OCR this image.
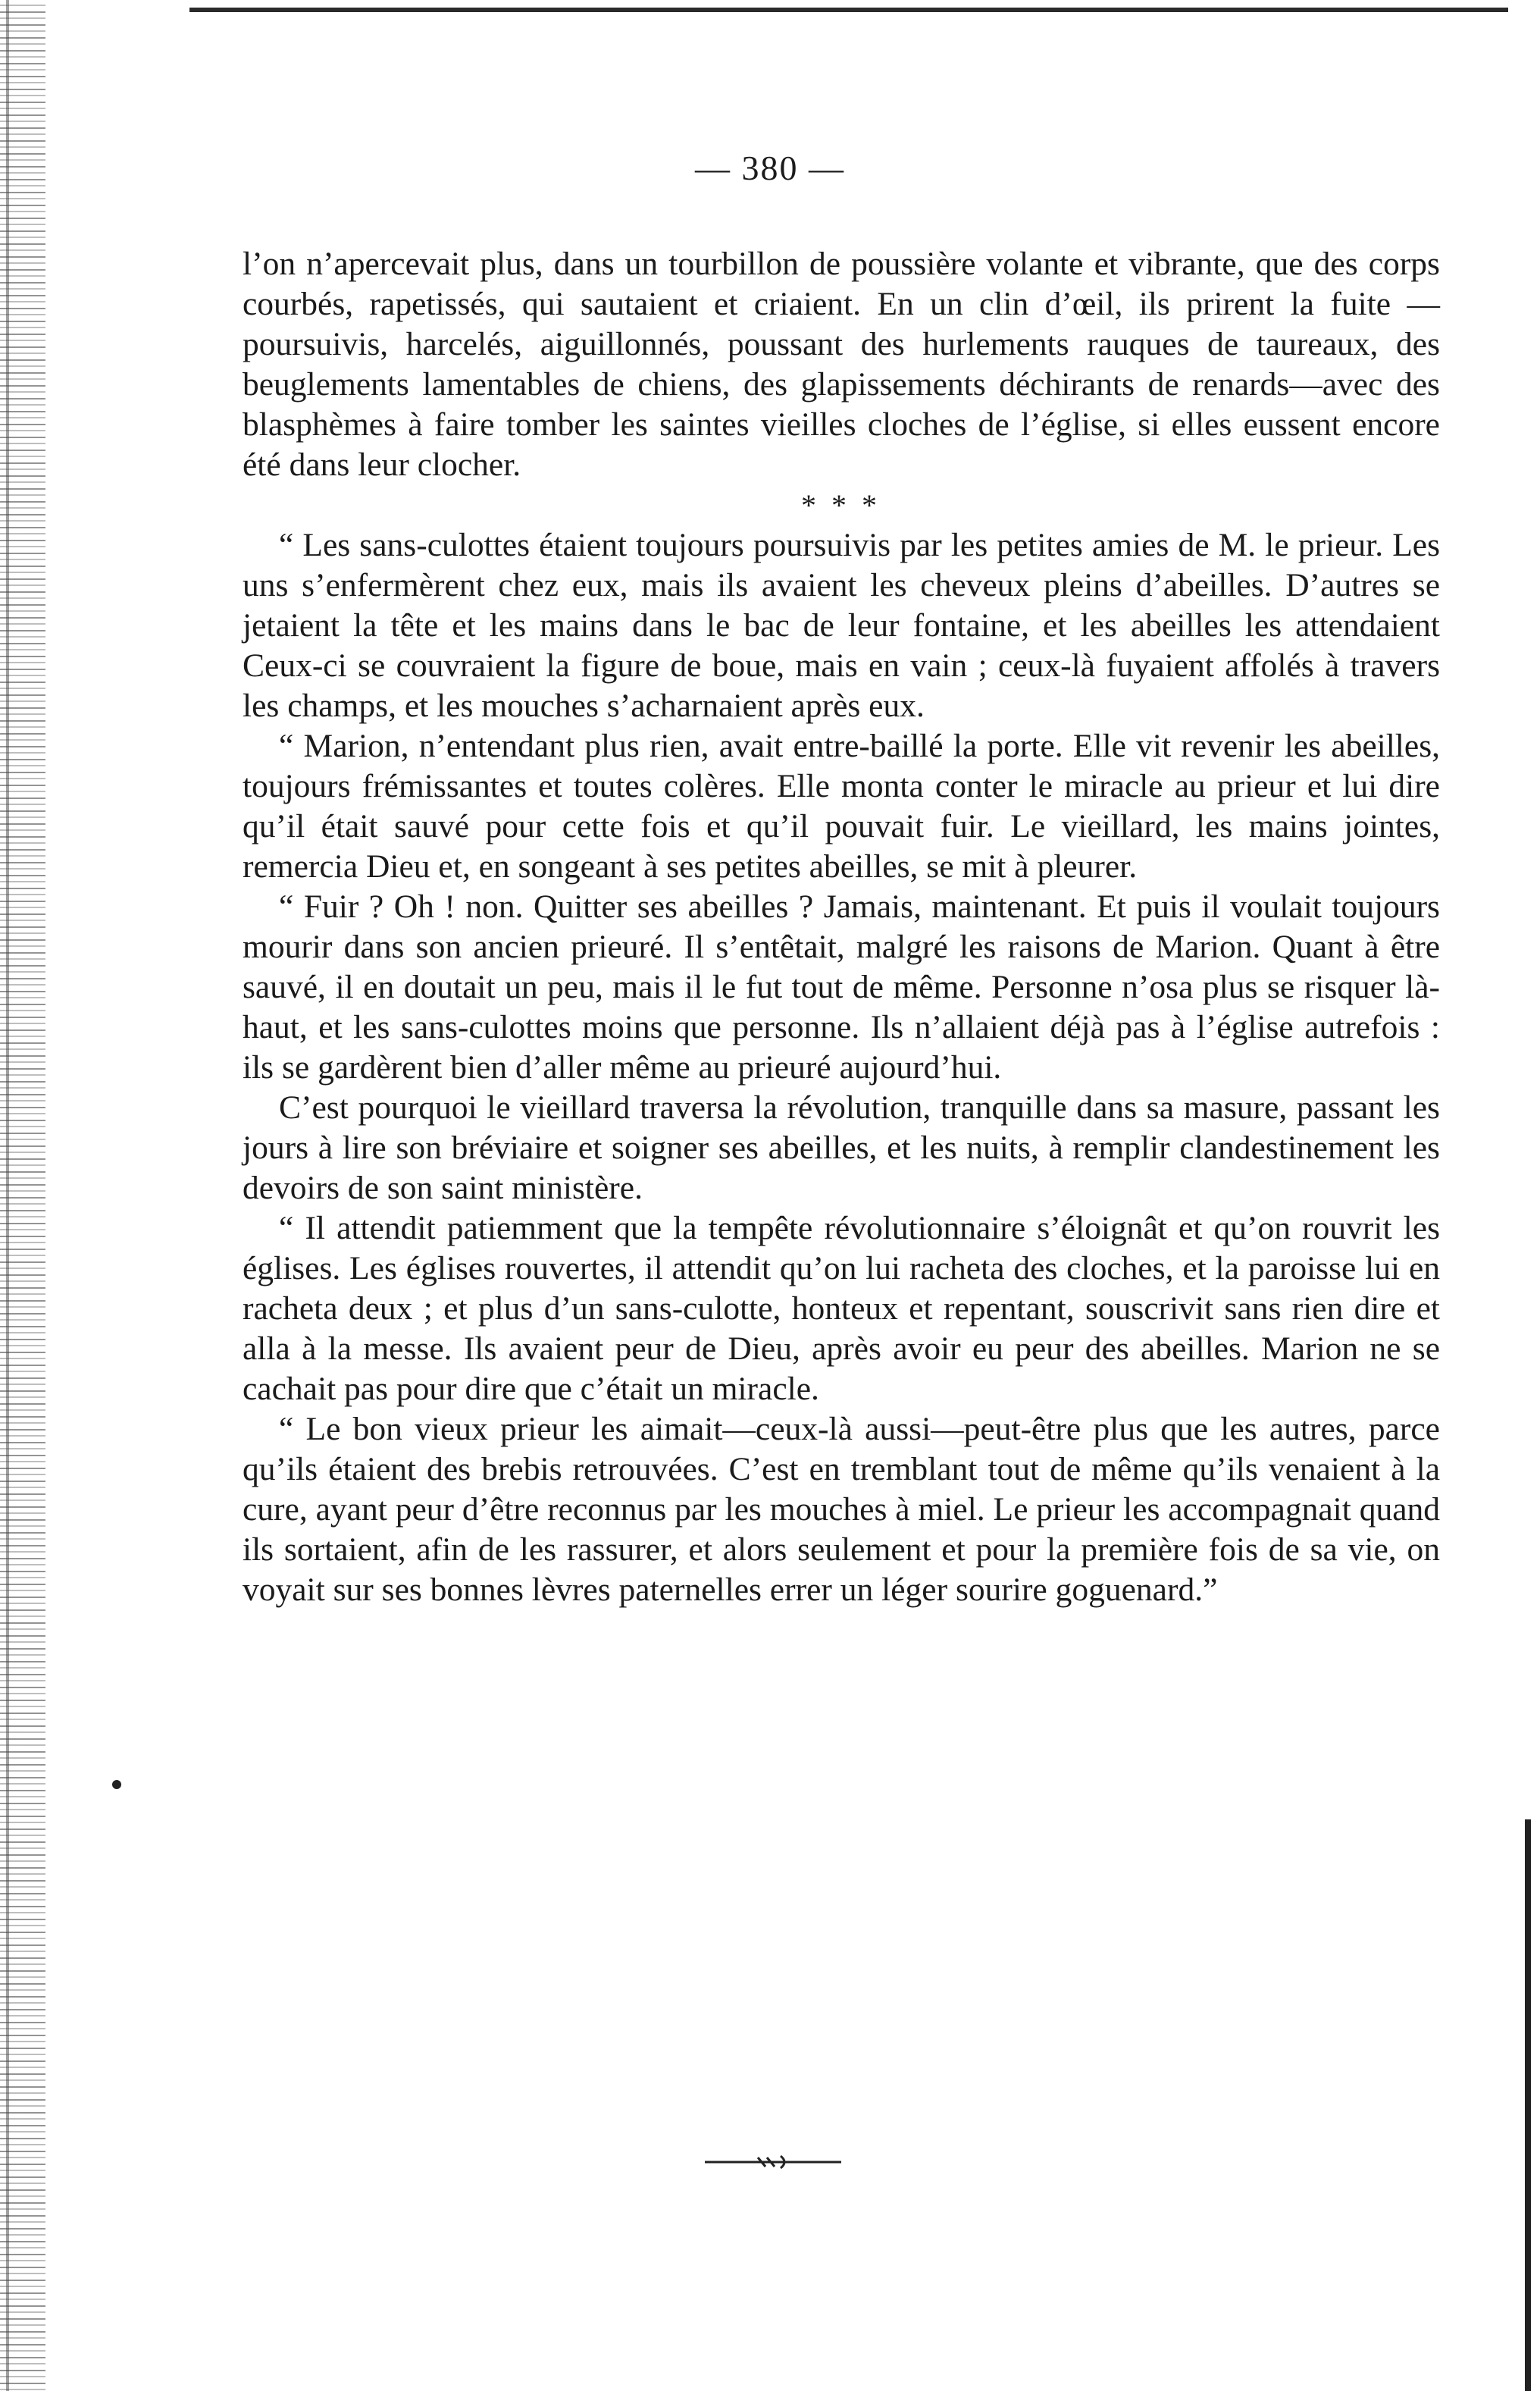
— 380 —

l’on n’apercevait plus, dans un tourbillon de poussière volante et vibrante, que des corps courbés, rapetissés, qui sautaient et criaient. En un clin d’œil, ils prirent la fuite — poursuivis, harcelés, aiguillonnés, poussant des hurlements rauques de taureaux, des beuglements lamentables de chiens, des glapissements déchirants de renards—avec des blasphèmes à faire tomber les saintes vieilles cloches de l’église, si elles eussent encore été dans leur clocher.

* * *

“ Les sans-culottes étaient toujours poursuivis par les petites amies de M. le prieur. Les uns s’enfermèrent chez eux, mais ils avaient les cheveux pleins d’abeilles. D’autres se jetaient la tête et les mains dans le bac de leur fontaine, et les abeilles les attendaient Ceux-ci se couvraient la figure de boue, mais en vain ; ceux-là fuyaient affolés à travers les champs, et les mouches s’acharnaient après eux.

“ Marion, n’entendant plus rien, avait entre-baillé la porte. Elle vit revenir les abeilles, toujours frémissantes et toutes colères. Elle monta conter le miracle au prieur et lui dire qu’il était sauvé pour cette fois et qu’il pouvait fuir. Le vieillard, les mains jointes, remercia Dieu et, en songeant à ses petites abeilles, se mit à pleurer.

“ Fuir ? Oh ! non. Quitter ses abeilles ? Jamais, maintenant. Et puis il voulait toujours mourir dans son ancien prieuré. Il s’entêtait, malgré les raisons de Marion. Quant à être sauvé, il en doutait un peu, mais il le fut tout de même. Personne n’osa plus se risquer là-haut, et les sans-culottes moins que personne. Ils n’allaient déjà pas à l’église autrefois : ils se gardèrent bien d’aller même au prieuré aujourd’hui.

C’est pourquoi le vieillard traversa la révolution, tranquille dans sa masure, passant les jours à lire son bréviaire et soigner ses abeilles, et les nuits, à remplir clandestinement les devoirs de son saint ministère.

“ Il attendit patiemment que la tempête révolutionnaire s’éloignât et qu’on rouvrit les églises. Les églises rouvertes, il attendit qu’on lui racheta des cloches, et la paroisse lui en racheta deux ; et plus d’un sans-culotte, honteux et repentant, souscrivit sans rien dire et alla à la messe. Ils avaient peur de Dieu, après avoir eu peur des abeilles. Marion ne se cachait pas pour dire que c’était un miracle.

“ Le bon vieux prieur les aimait—ceux-là aussi—peut-être plus que les autres, parce qu’ils étaient des brebis retrouvées. C’est en tremblant tout de même qu’ils venaient à la cure, ayant peur d’être reconnus par les mouches à miel. Le prieur les accompagnait quand ils sortaient, afin de les rassurer, et alors seulement et pour la première fois de sa vie, on voyait sur ses bonnes lèvres paternelles errer un léger sourire goguenard.”
